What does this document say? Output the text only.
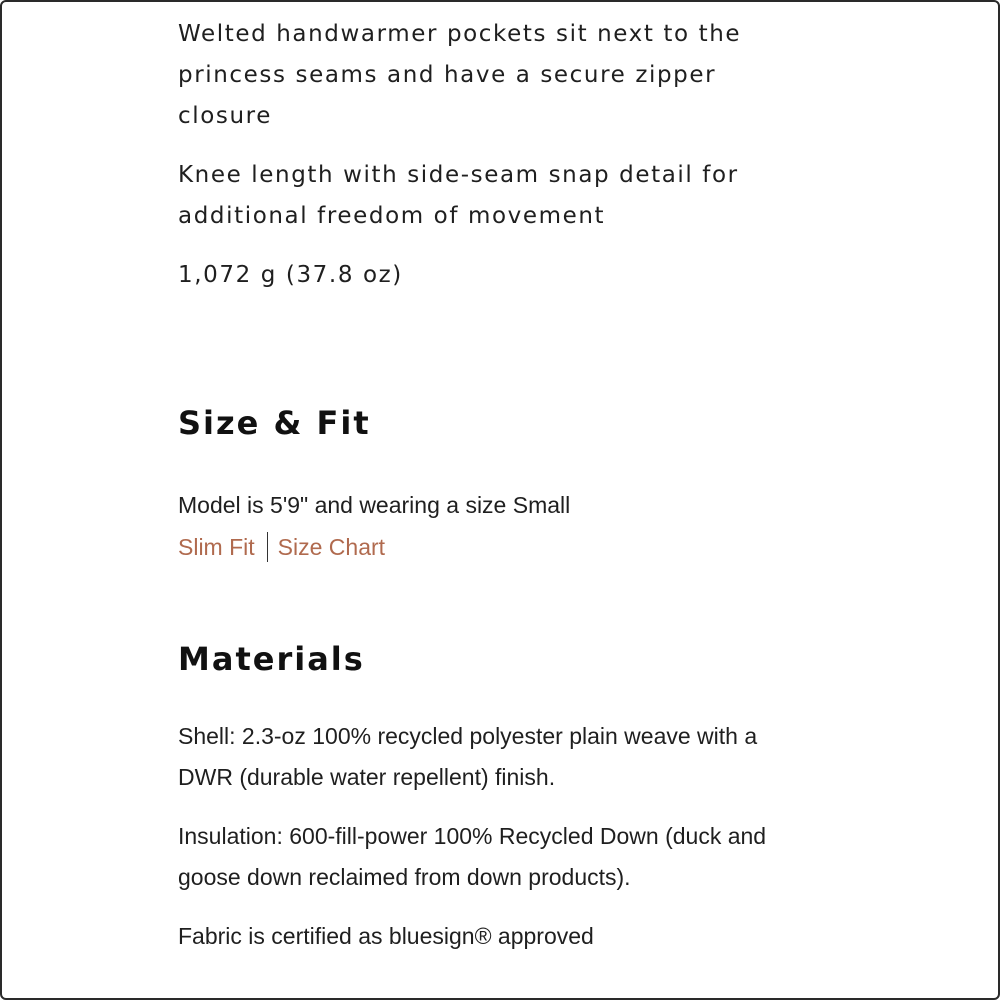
Welted handwarmer pockets sit next to the princess seams and have a secure zipper closure

Knee length with side-seam snap detail for additional freedom of movement

1,072 g (37.8 oz)

Size & Fit
Model is 5'9" and wearing a size Small
Slim Fit Size Chart
Materials

Shell: 2.3-oz 100% recycled polyester plain weave with a DWR (durable water repellent) finish.

Insulation: 600-fill-power 100% Recycled Down (duck and goose down reclaimed from down products).

Fabric is certified as bluesign® approved
